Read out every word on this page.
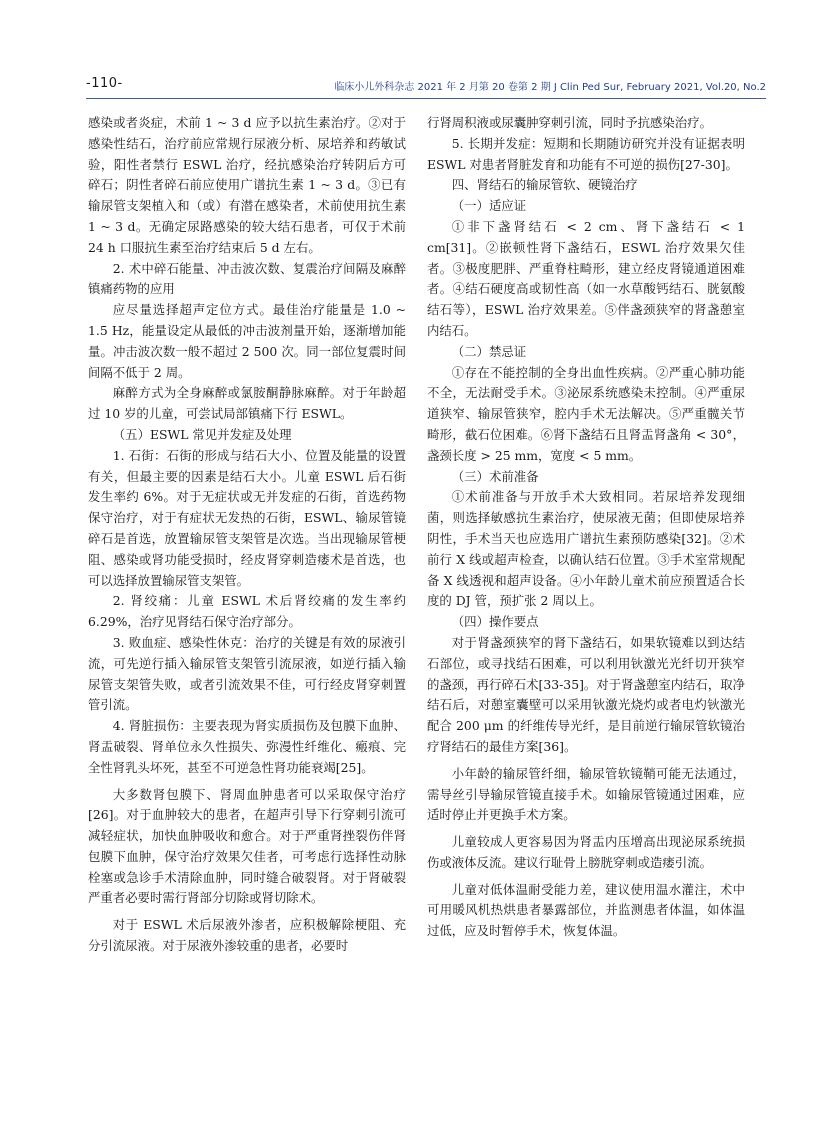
-110-	临床小儿外科杂志 2021 年 2 月第 20 卷第 2 期 J Clin Ped Sur, February 2021, Vol.20, No.2

感染或者炎症，术前 1 ~ 3 d 应予以抗生素治疗。②对于感染性结石，治疗前应常规行尿液分析、尿培养和药敏试验，阳性者禁行 ESWL 治疗，经抗感染治疗转阴后方可碎石；阴性者碎石前应使用广谱抗生素 1 ~ 3 d。③已有输尿管支架植入和（或）有潜在感染者，术前使用抗生素 1 ~ 3 d。无确定尿路感染的较大结石患者，可仅于术前 24 h 口服抗生素至治疗结束后 5 d 左右。

2. 术中碎石能量、冲击波次数、复震治疗间隔及麻醉镇痛药物的应用

应尽量选择超声定位方式。最佳治疗能量是 1.0 ~ 1.5 Hz，能量设定从最低的冲击波剂量开始，逐渐增加能量。冲击波次数一般不超过 2 500 次。同一部位复震时间间隔不低于 2 周。

麻醉方式为全身麻醉或氯胺酮静脉麻醉。对于年龄超过 10 岁的儿童，可尝试局部镇痛下行 ESWL。

（五）ESWL 常见并发症及处理

1. 石街：石街的形成与结石大小、位置及能量的设置有关，但最主要的因素是结石大小。儿童 ESWL 后石街发生率约 6%。对于无症状或无并发症的石街，首选药物保守治疗，对于有症状无发热的石街，ESWL、输尿管镜碎石是首选，放置输尿管支架管是次选。当出现输尿管梗阻、感染或肾功能受损时，经皮肾穿刺造瘘术是首选，也可以选择放置输尿管支架管。

2. 肾绞痛：儿童 ESWL 术后肾绞痛的发生率约 6.29%，治疗见肾结石保守治疗部分。

3. 败血症、感染性休克：治疗的关键是有效的尿液引流，可先逆行插入输尿管支架管引流尿液，如逆行插入输尿管支架管失败，或者引流效果不佳，可行经皮肾穿刺置管引流。

4. 肾脏损伤：主要表现为肾实质损伤及包膜下血肿、肾盂破裂、肾单位永久性损失、弥漫性纤维化、瘢痕、完全性肾乳头坏死，甚至不可逆急性肾功能衰竭[25]。

大多数肾包膜下、肾周血肿患者可以采取保守治疗[26]。对于血肿较大的患者，在超声引导下行穿刺引流可减轻症状，加快血肿吸收和愈合。对于严重肾挫裂伤伴肾包膜下血肿，保守治疗效果欠佳者，可考虑行选择性动脉栓塞或急诊手术清除血肿，同时缝合破裂肾。对于肾破裂严重者必要时需行肾部分切除或肾切除术。

对于 ESWL 术后尿液外渗者，应积极解除梗阻、充分引流尿液。对于尿液外渗较重的患者，必要时

行肾周积液或尿囊肿穿刺引流，同时予抗感染治疗。

5. 长期并发症：短期和长期随访研究并没有证据表明 ESWL 对患者肾脏发育和功能有不可逆的损伤[27-30]。

四、肾结石的输尿管软、硬镜治疗
（一）适应证

①非下盏肾结石 < 2 cm、肾下盏结石 < 1 cm[31]。②嵌顿性肾下盏结石，ESWL 治疗效果欠佳者。③极度肥胖、严重脊柱畸形，建立经皮肾镜通道困难者。④结石硬度高或韧性高（如一水草酸钙结石、胱氨酸结石等），ESWL 治疗效果差。⑤伴盏颈狭窄的肾盏憩室内结石。

（二）禁忌证

①存在不能控制的全身出血性疾病。②严重心肺功能不全，无法耐受手术。③泌尿系统感染未控制。④严重尿道狭窄、输尿管狭窄，腔内手术无法解决。⑤严重髋关节畸形，截石位困难。⑥肾下盏结石且肾盂肾盏角 < 30°，盏颈长度 > 25 mm，宽度 < 5 mm。

（三）术前准备

①术前准备与开放手术大致相同。若尿培养发现细菌，则选择敏感抗生素治疗，使尿液无菌；但即使尿培养阴性，手术当天也应选用广谱抗生素预防感染[32]。②术前行 X 线或超声检查，以确认结石位置。③手术室常规配备 X 线透视和超声设备。④小年龄儿童术前应预置适合长度的 DJ 管，预扩张 2 周以上。

（四）操作要点

对于肾盏颈狭窄的肾下盏结石，如果软镜难以到达结石部位，或寻找结石困难，可以利用钬激光光纤切开狭窄的盏颈，再行碎石术[33-35]。对于肾盏憩室内结石，取净结石后，对憩室囊壁可以采用钬激光烧灼或者电灼钬激光配合 200 μm 的纤维传导光纤，是目前逆行输尿管软镜治疗肾结石的最佳方案[36]。

小年龄的输尿管纤细，输尿管软镜鞘可能无法通过，需导丝引导输尿管镜直接手术。如输尿管镜通过困难，应适时停止并更换手术方案。

儿童较成人更容易因为肾盂内压增高出现泌尿系统损伤或液体反流。建议行耻骨上膀胱穿刺或造瘘引流。

儿童对低体温耐受能力差，建议使用温水灌注，术中可用暖风机热烘患者暴露部位，并监测患者体温，如体温过低，应及时暂停手术，恢复体温。
